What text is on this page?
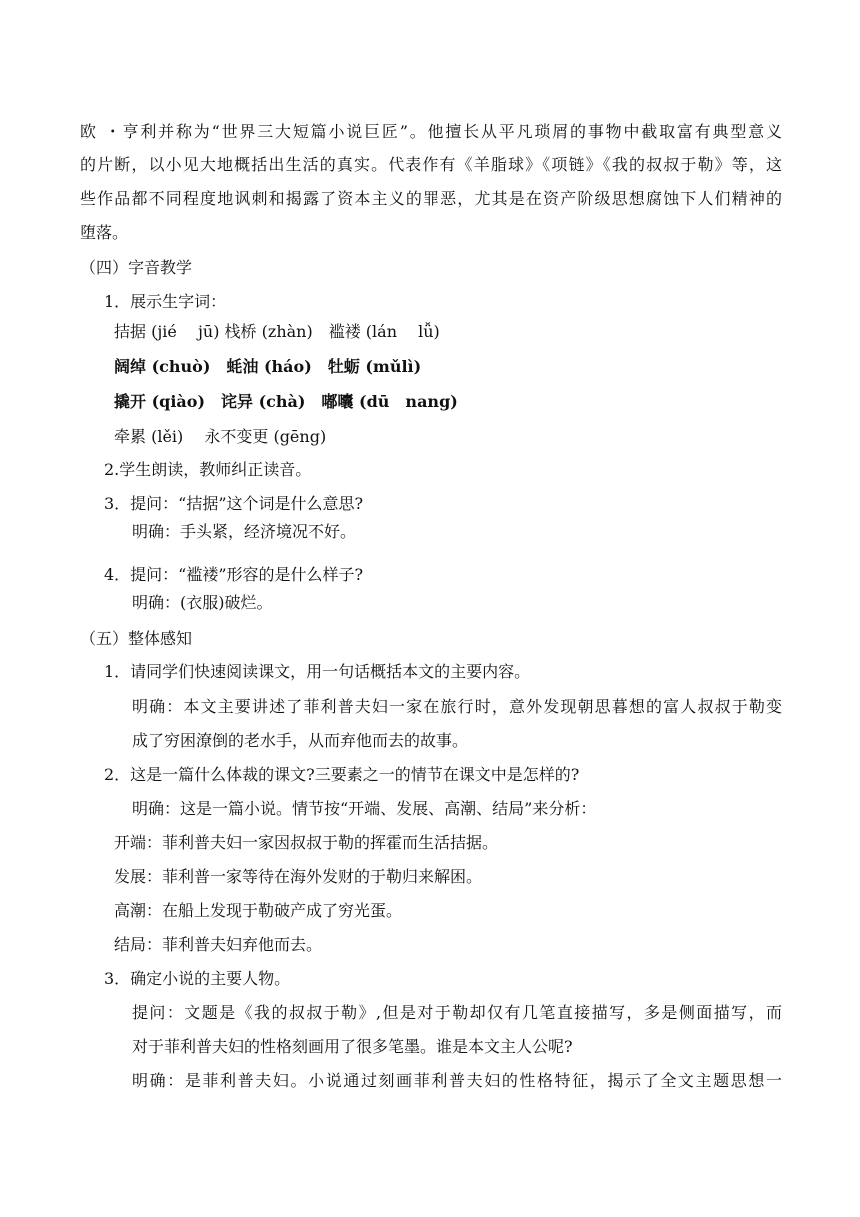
欧 ・亨利并称为“世界三大短篇小说巨匠”。他擅长从平凡琐屑的事物中截取富有典型意义
的片断，以小见大地概括出生活的真实。代表作有《羊脂球》《项链》《我的叔叔于勒》等，这
些作品都不同程度地讽刺和揭露了资本主义的罪恶，尤其是在资产阶级思想腐蚀下人们精神的
堕落。
（四）字音教学
1．展示生字词：
拮据 (jié　 jū) 栈桥 (zhàn)　褴褛 (lán　 lǚ)
阔绰 (chuò)　蚝油 (háo)　牡蛎 (mǔlì)
撬开 (qiào)　诧异 (chà)　嘟囔 (dū　nang)
牵累 (lěi)　 永不变更 (gēng)
2.学生朗读，教师纠正读音。
3．提问：“拮据”这个词是什么意思?
明确：手头紧，经济境况不好。
4．提问：“褴褛”形容的是什么样子?
明确：(衣服)破烂。
（五）整体感知
1．请同学们快速阅读课文，用一句话概括本文的主要内容。
明确：本文主要讲述了菲利普夫妇一家在旅行时，意外发现朝思暮想的富人叔叔于勒变
成了穷困潦倒的老水手，从而弃他而去的故事。
2．这是一篇什么体裁的课文?三要素之一的情节在课文中是怎样的?
明确：这是一篇小说。情节按“开端、发展、高潮、结局”来分析：
开端：菲利普夫妇一家因叔叔于勒的挥霍而生活拮据。
发展：菲利普一家等待在海外发财的于勒归来解困。
高潮：在船上发现于勒破产成了穷光蛋。
结局：菲利普夫妇弃他而去。
3．确定小说的主要人物。
提问：文题是《我的叔叔于勒》,但是对于勒却仅有几笔直接描写，多是侧面描写，而
对于菲利普夫妇的性格刻画用了很多笔墨。谁是本文主人公呢?
明确：是菲利普夫妇。小说通过刻画菲利普夫妇的性格特征，揭示了全文主题思想一
